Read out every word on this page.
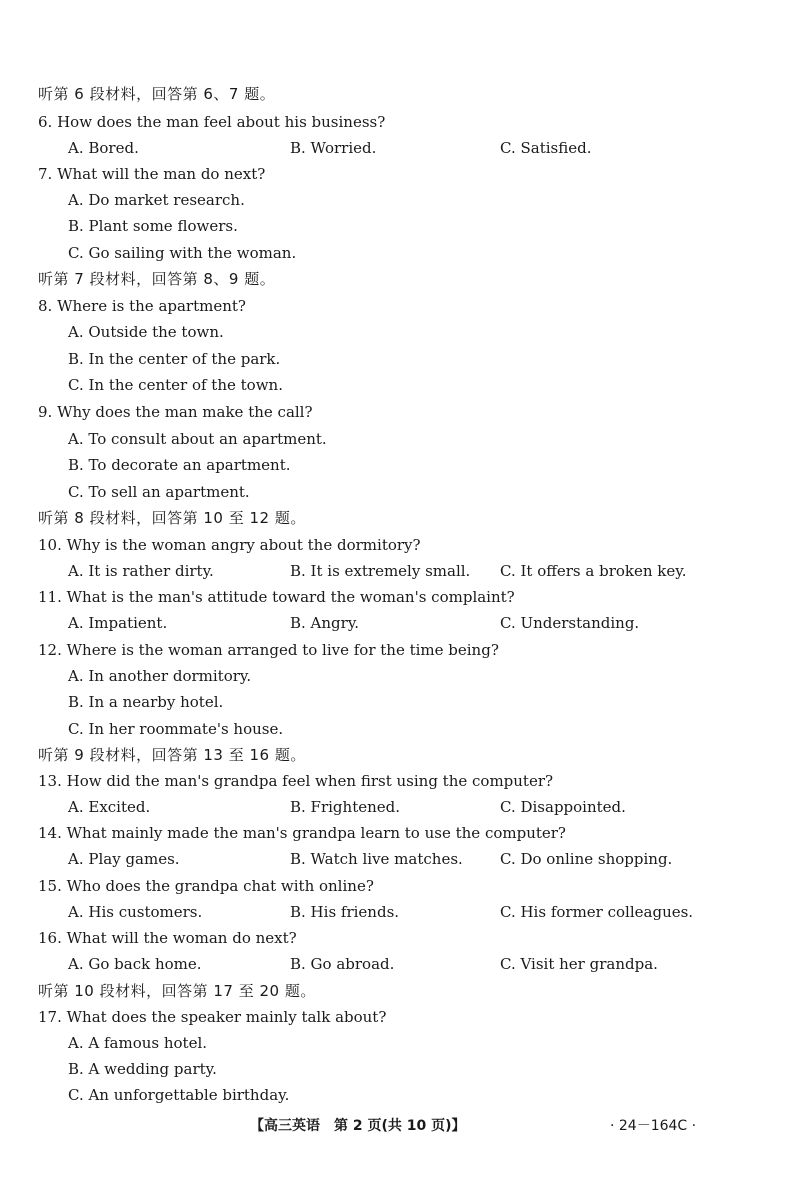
听第 6 段材料，回答第 6、7 题。
6. How does the man feel about his business?
A. Bored.	B. Worried.	C. Satisfied.
7. What will the man do next?
A. Do market research.
B. Plant some flowers.
C. Go sailing with the woman.
听第 7 段材料，回答第 8、9 题。
8. Where is the apartment?
A. Outside the town.
B. In the center of the park.
C. In the center of the town.
9. Why does the man make the call?
A. To consult about an apartment.
B. To decorate an apartment.
C. To sell an apartment.
听第 8 段材料，回答第 10 至 12 题。
10. Why is the woman angry about the dormitory?
A. It is rather dirty.	B. It is extremely small. C. It offers a broken key.
11. What is the man's attitude toward the woman's complaint?
A. Impatient.	B. Angry.	C. Understanding.
12. Where is the woman arranged to live for the time being?
A. In another dormitory.
B. In a nearby hotel.
C. In her roommate's house.
听第 9 段材料，回答第 13 至 16 题。
13. How did the man's grandpa feel when first using the computer?
A. Excited.	B. Frightened.	C. Disappointed.
14. What mainly made the man's grandpa learn to use the computer?
A. Play games.	B. Watch live matches. C. Do online shopping.
15. Who does the grandpa chat with online?
A. His customers.	B. His friends.	C. His former colleagues.
16. What will the woman do next?
A. Go back home.	B. Go abroad.	C. Visit her grandpa.
听第 10 段材料，回答第 17 至 20 题。
17. What does the speaker mainly talk about?
A. A famous hotel.
B. A wedding party.
C. An unforgettable birthday.
【高三英语　第 2 页(共 10 页)】	· 24－164C ·
